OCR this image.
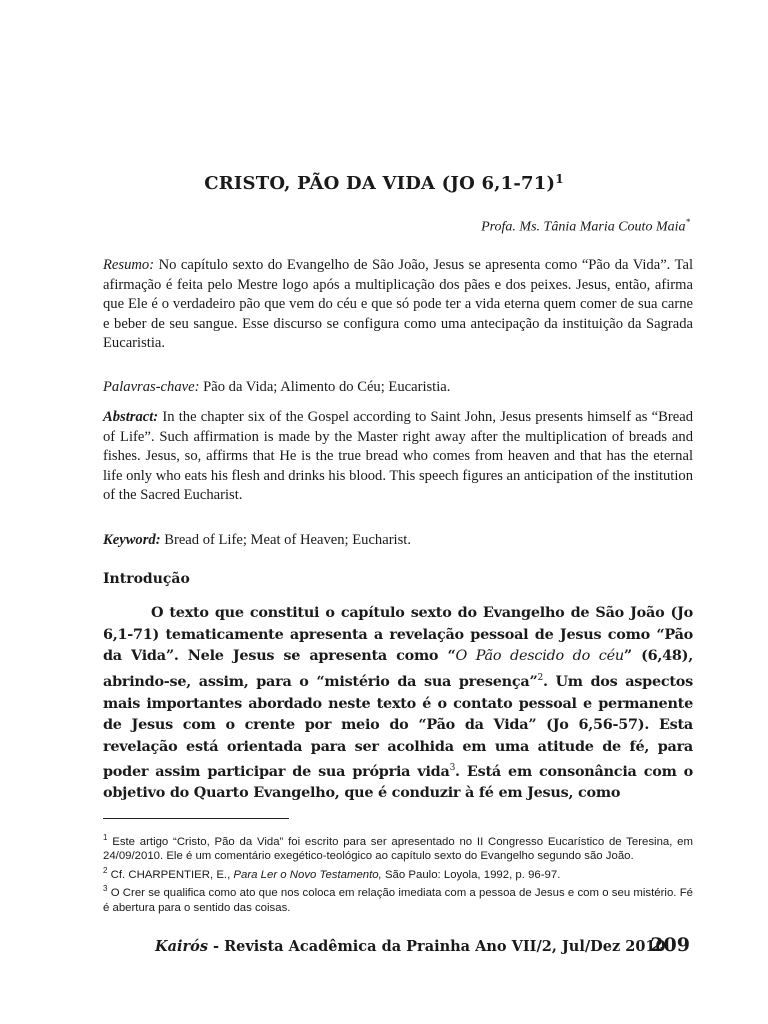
CRISTO, PÃO DA VIDA (JO 6,1-71)$^1$
Profa. Ms. Tânia Maria Couto Maia*
Resumo: No capítulo sexto do Evangelho de São João, Jesus se apresenta como “Pão da Vida”. Tal afirmação é feita pelo Mestre logo após a multiplicação dos pães e dos peixes. Jesus, então, afirma que Ele é o verdadeiro pão que vem do céu e que só pode ter a vida eterna quem comer de sua carne e beber de seu sangue. Esse discurso se configura como uma antecipação da instituição da Sagrada Eucaristia.
Palavras-chave: Pão da Vida; Alimento do Céu; Eucaristia.
Abstract: In the chapter six of the Gospel according to Saint John, Jesus presents himself as “Bread of Life”. Such affirmation is made by the Master right away after the multiplication of breads and fishes. Jesus, so, affirms that He is the true bread who comes from heaven and that has the eternal life only who eats his flesh and drinks his blood. This speech figures an anticipation of the institution of the Sacred Eucharist.
Keyword: Bread of Life; Meat of Heaven; Eucharist.
Introdução
O texto que constitui o capítulo sexto do Evangelho de São João (Jo 6,1-71) tematicamente apresenta a revelação pessoal de Jesus como “Pão da Vida”. Nele Jesus se apresenta como “O Pão descido do céu” (6,48), abrindo-se, assim, para o “mistério da sua presença”$^2$. Um dos aspectos mais importantes abordado neste texto é o contato pessoal e permanente de Jesus com o crente por meio do “Pão da Vida” (Jo 6,56-57). Esta revelação está orientada para ser acolhida em uma atitude de fé, para poder assim participar de sua própria vida$^3$. Está em consonância com o objetivo do Quarto Evangelho, que é conduzir à fé em Jesus, como

$^1$ Este artigo “Cristo, Pão da Vida” foi escrito para ser apresentado no II Congresso Eucarístico de Teresina, em 24/09/2010. Ele é um comentário exegético-teológico ao capítulo sexto do Evangelho segundo são João.

$^2$ Cf. CHARPENTIER, E., Para Ler o Novo Testamento, São Paulo: Loyola, 1992, p. 96-97.

$^3$ O Crer se qualifica como ato que nos coloca em relação imediata com a pessoa de Jesus e com o seu mistério. Fé é abertura para o sentido das coisas.

Kairós - Revista Acadêmica da Prainha Ano VII/2, Jul/Dez 2010
209
